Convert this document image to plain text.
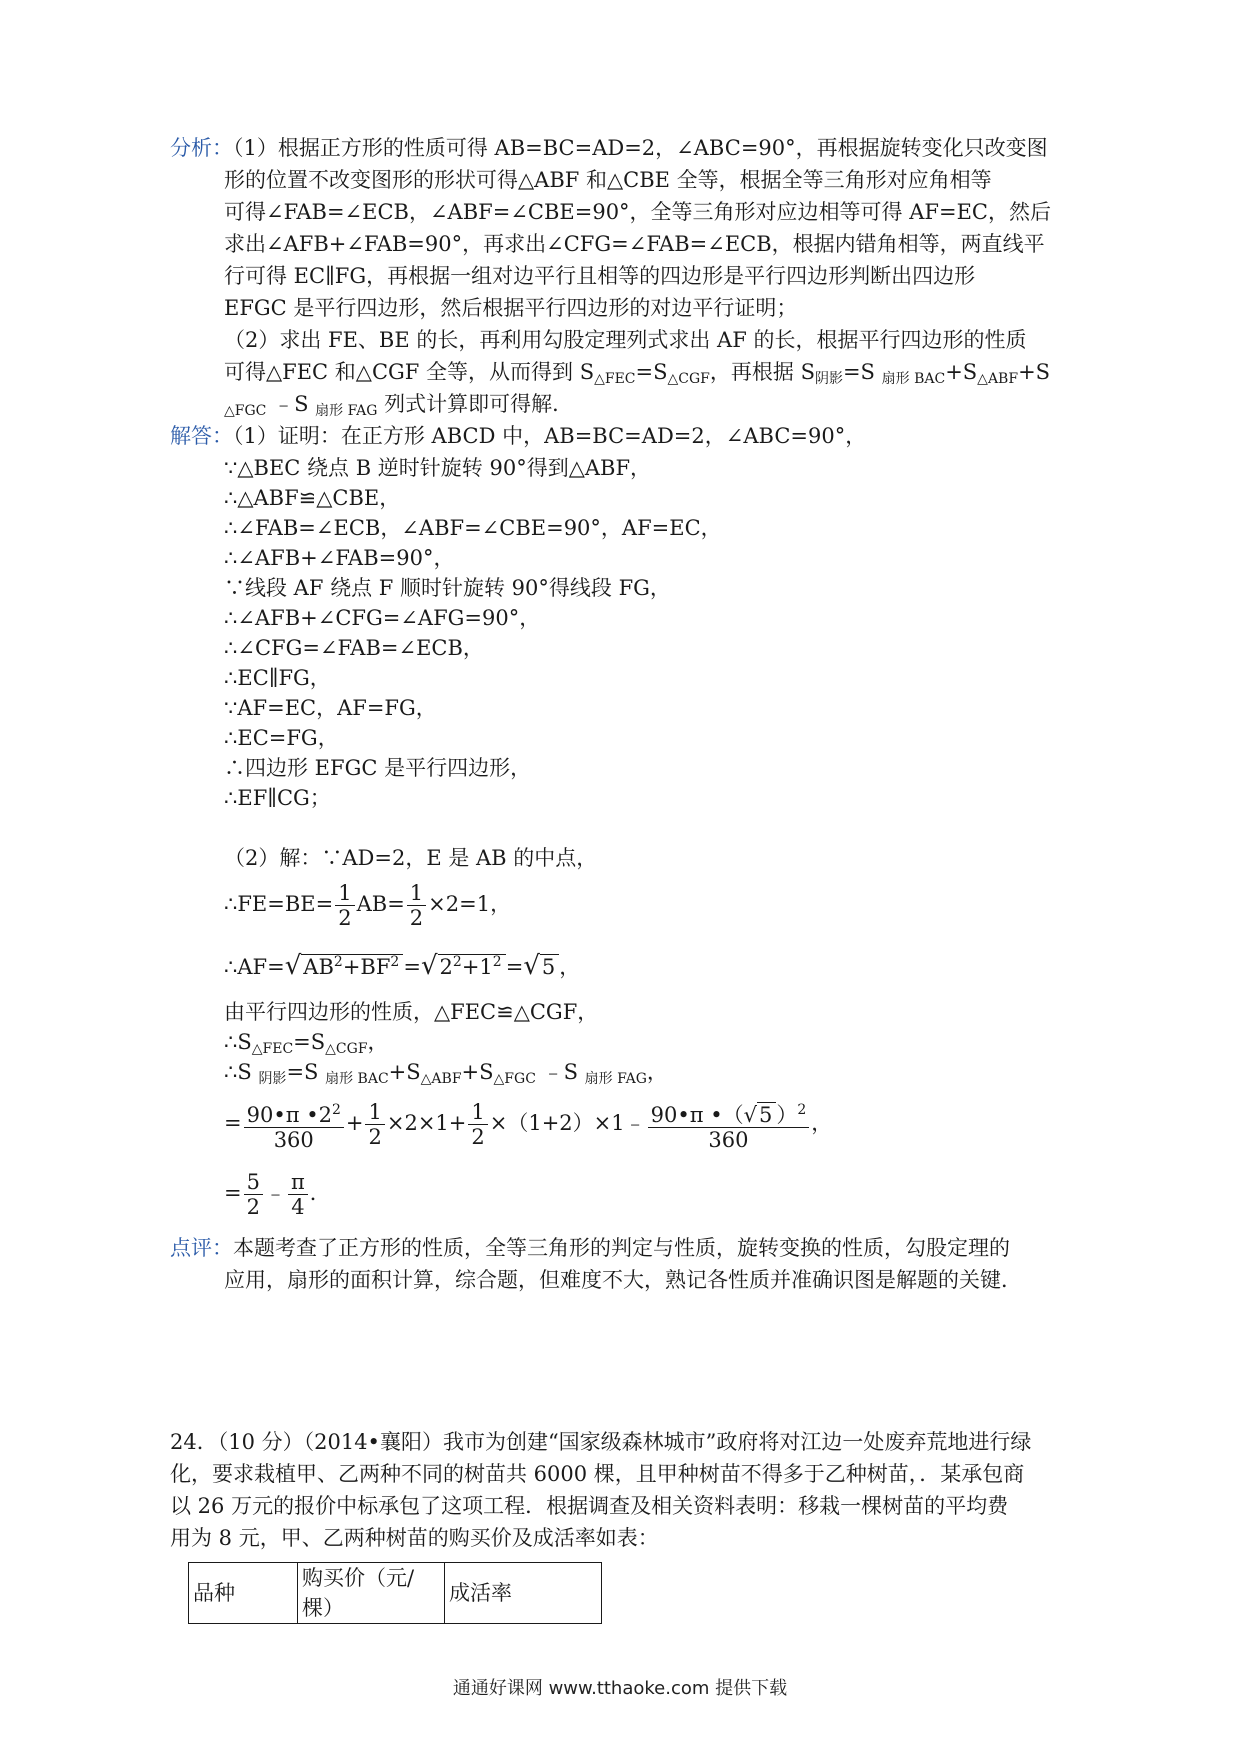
分析：（1）根据正方形的性质可得 AB=BC=AD=2，∠ABC=90°，再根据旋转变化只改变图
形的位置不改变图形的形状可得△ABF 和△CBE 全等，根据全等三角形对应角相等
可得∠FAB=∠ECB，∠ABF=∠CBE=90°，全等三角形对应边相等可得 AF=EC，然后
求出∠AFB+∠FAB=90°，再求出∠CFG=∠FAB=∠ECB，根据内错角相等，两直线平
行可得 EC∥FG，再根据一组对边平行且相等的四边形是平行四边形判断出四边形
EFGC 是平行四边形，然后根据平行四边形的对边平行证明；
（2）求出 FE、BE 的长，再利用勾股定理列式求出 AF 的长，根据平行四边形的性质
可得△FEC 和△CGF 全等，从而得到 $S_{\triangle FEC}=S_{\triangle CGF}$，再根据 $S_{阴影}=S$ $_{扇形 BAC}+S_{\triangle ABF}+S$
$_{\triangle FGC}$ ﹣S $_{扇形 FAG}$ 列式计算即可得解．
解答：（1）证明：在正方形 ABCD 中，AB=BC=AD=2，∠ABC=90°，
∵△BEC 绕点 B 逆时针旋转 90°得到△ABF，
∴△ABF≌△CBE，
∴∠FAB=∠ECB，∠ABF=∠CBE=90°，AF=EC，
∴∠AFB+∠FAB=90°，
∵线段 AF 绕点 F 顺时针旋转 90°得线段 FG，
∴∠AFB+∠CFG=∠AFG=90°，
∴∠CFG=∠FAB=∠ECB，
∴EC∥FG，
∵AF=EC，AF=FG，
∴EC=FG，
∴四边形 EFGC 是平行四边形，
∴EF∥CG；
（2）解：∵AD=2，E 是 AB 的中点，
∴FE=BE= $\frac{1}{2} AB= \frac{1}{2} \times 2=1$，
$\therefore AF=√AB^2+BF^2 =√2^2+1^2 =√5$ ，
由平行四边形的性质，△FEC≌△CGF，
$\therefore S_{\triangle FEC}=S_{\triangle CGF}$，
∴S $_{阴影}$=S $_{扇形 BAC}+S_{\triangle ABF}+S_{\triangle FGC}$ ﹣S $_{扇形 FAG}$，
= $\frac{90•\pi •2^2}{360} + \frac{1}{2} \times 2\times 1+ \frac{1}{2}$ ×（1+2）×1﹣ $\frac{90•\pi •(√5 )^2}{360}$ ，
= $\frac{5}{2}$ ﹣ $\frac{\pi}{4}$ ．
点评：本题考查了正方形的性质，全等三角形的判定与性质，旋转变换的性质，勾股定理的
应用，扇形的面积计算，综合题，但难度不大，熟记各性质并准确识图是解题的关键．
24．（10 分）（2014•襄阳）我市为创建“国家级森林城市”政府将对江边一处废弃荒地进行绿
化，要求栽植甲、乙两种不同的树苗共 6000 棵，且甲种树苗不得多于乙种树苗，．某承包商
以 26 万元的报价中标承包了这项工程．根据调查及相关资料表明：移栽一棵树苗的平均费
用为 8 元，甲、乙两种树苗的购买价及成活率如表：
品种	购买价（元/棵）	成活率
通通好课网 www.tthaoke.com 提供下载
